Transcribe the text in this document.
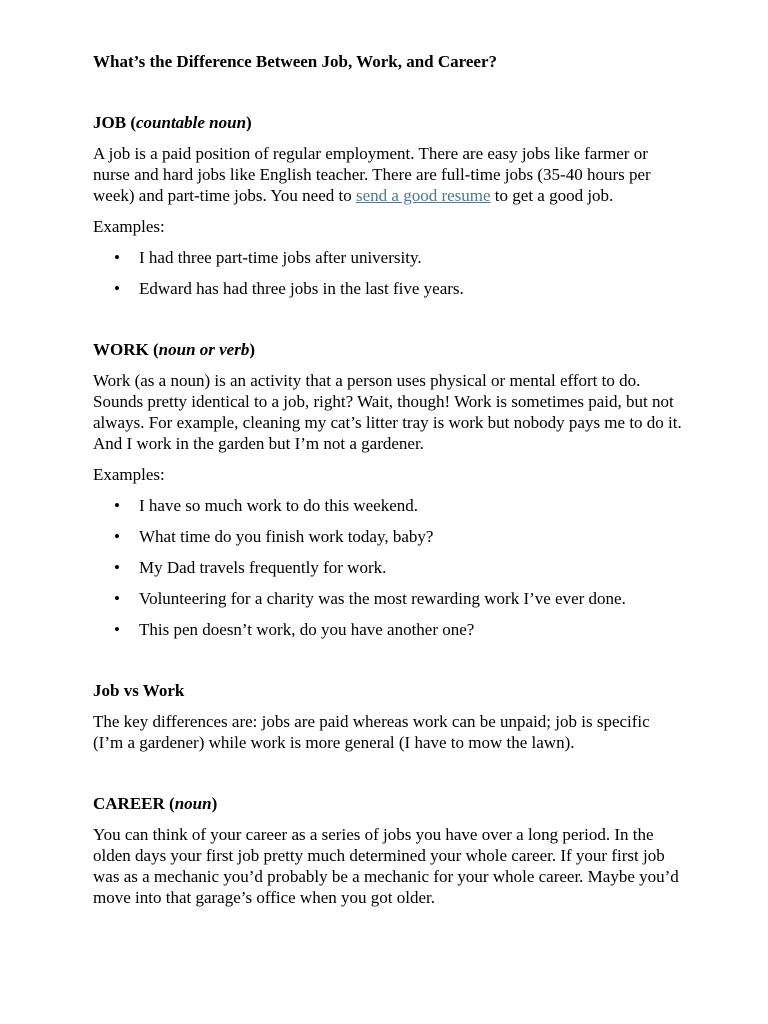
What’s the Difference Between Job, Work, and Career?
JOB (countable noun)

A job is a paid position of regular employment. There are easy jobs like farmer or nurse and hard jobs like English teacher. There are full-time jobs (35-40 hours per week) and part-time jobs. You need to send a good resume to get a good job.

Examples:

• I had three part-time jobs after university.
• Edward has had three jobs in the last five years.
WORK (noun or verb)

Work (as a noun) is an activity that a person uses physical or mental effort to do. Sounds pretty identical to a job, right? Wait, though! Work is sometimes paid, but not always. For example, cleaning my cat’s litter tray is work but nobody pays me to do it. And I work in the garden but I’m not a gardener.

Examples:

• I have so much work to do this weekend.
• What time do you finish work today, baby?
• My Dad travels frequently for work.
• Volunteering for a charity was the most rewarding work I’ve ever done.
• This pen doesn’t work, do you have another one?
Job vs Work

The key differences are: jobs are paid whereas work can be unpaid; job is specific (I’m a gardener) while work is more general (I have to mow the lawn).

CAREER (noun)

You can think of your career as a series of jobs you have over a long period. In the olden days your first job pretty much determined your whole career. If your first job was as a mechanic you’d probably be a mechanic for your whole career. Maybe you’d move into that garage’s office when you got older.
